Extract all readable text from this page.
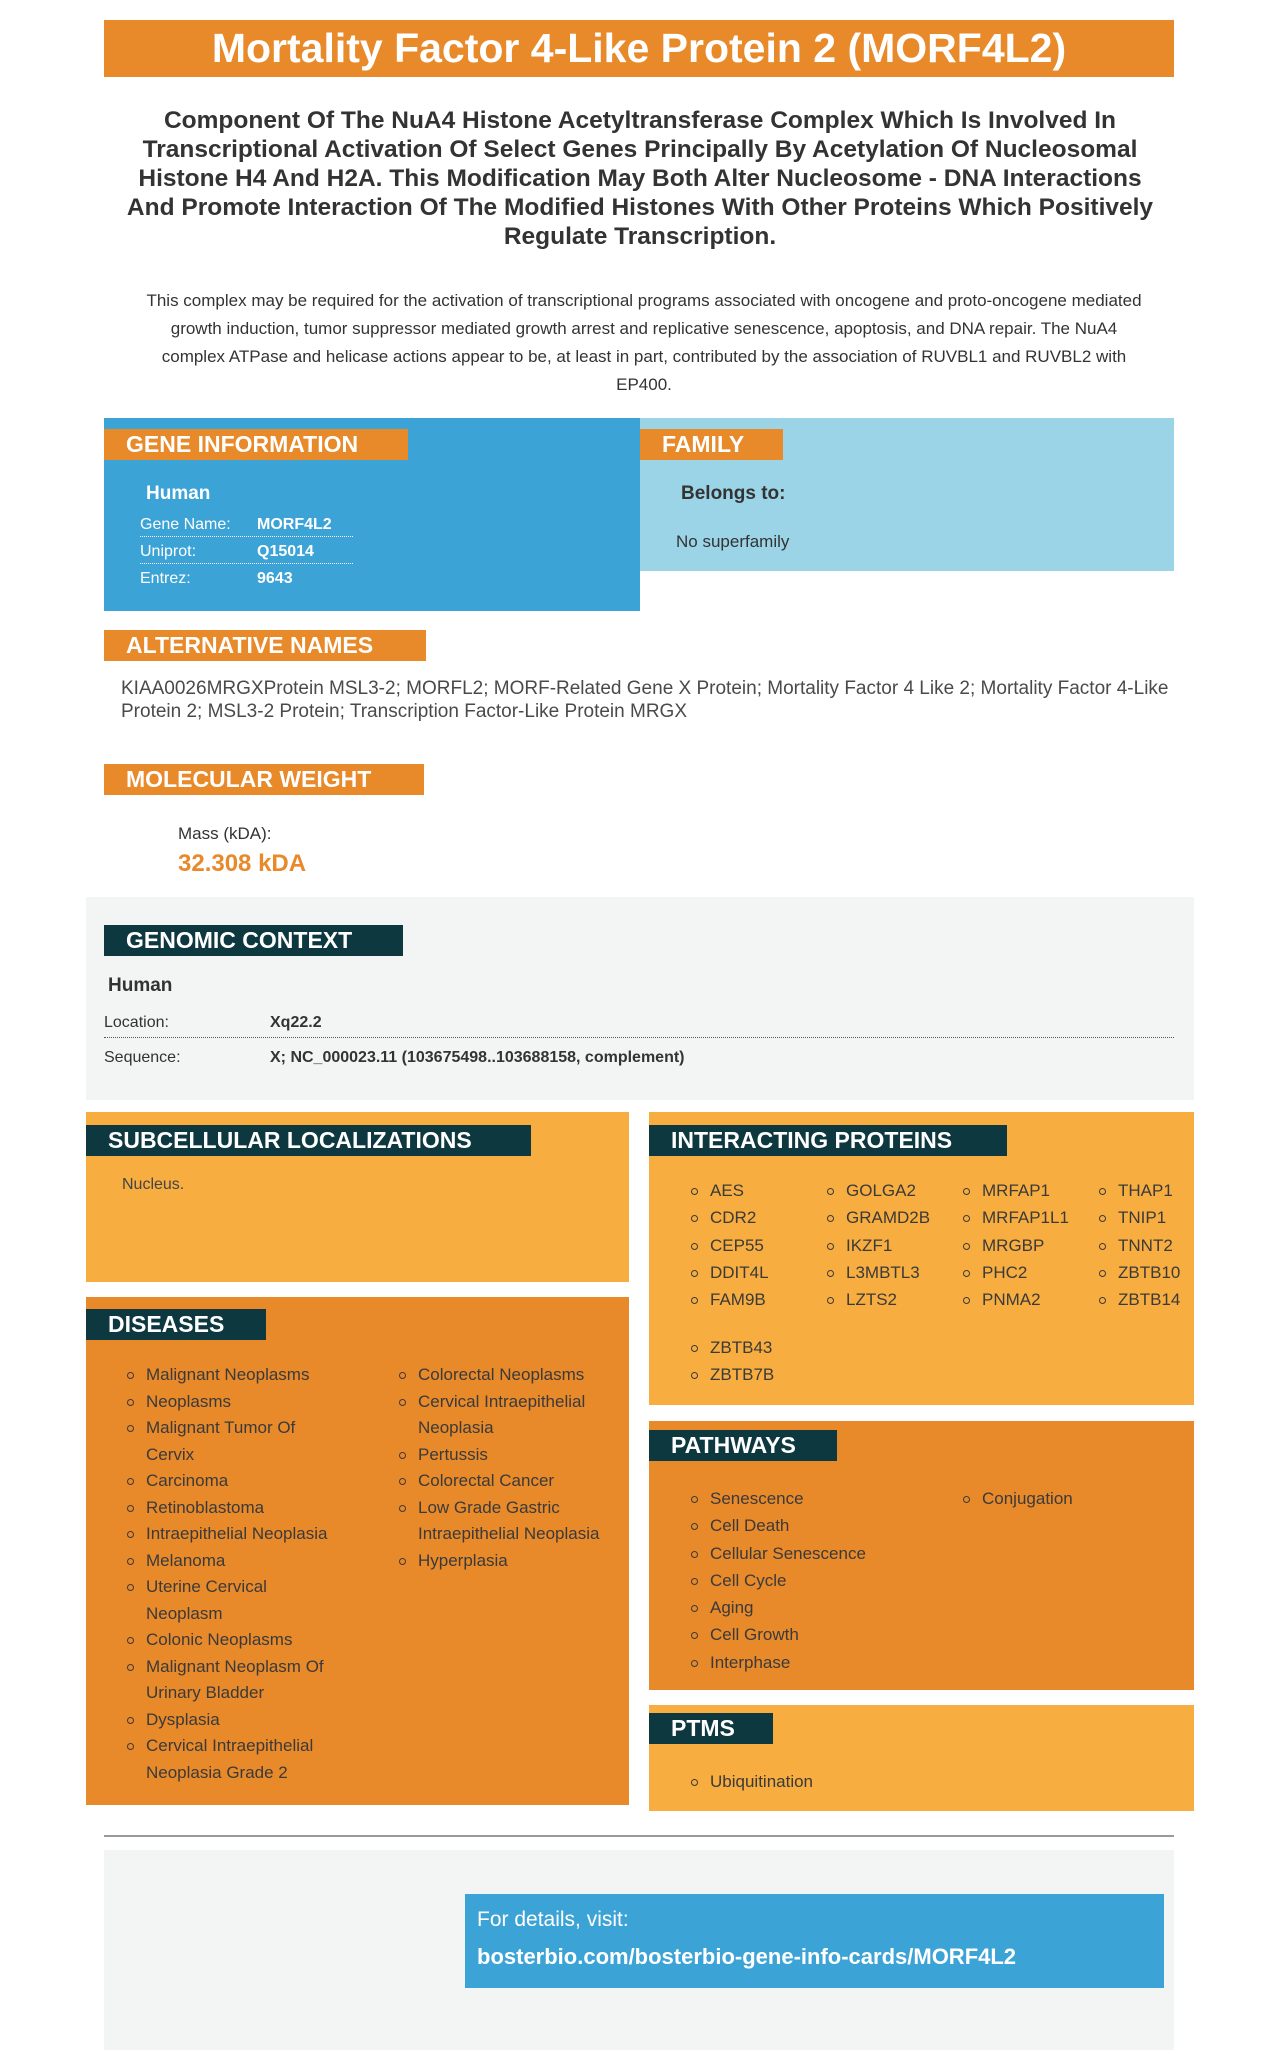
Mortality Factor 4-Like Protein 2 (MORF4L2)
Component Of The NuA4 Histone Acetyltransferase Complex Which Is Involved In Transcriptional Activation Of Select Genes Principally By Acetylation Of Nucleosomal Histone H4 And H2A. This Modification May Both Alter Nucleosome - DNA Interactions And Promote Interaction Of The Modified Histones With Other Proteins Which Positively Regulate Transcription.
This complex may be required for the activation of transcriptional programs associated with oncogene and proto-oncogene mediated growth induction, tumor suppressor mediated growth arrest and replicative senescence, apoptosis, and DNA repair. The NuA4 complex ATPase and helicase actions appear to be, at least in part, contributed by the association of RUVBL1 and RUVBL2 with EP400.
GENE INFORMATION
Human
Gene Name: MORF4L2
Uniprot:	Q15014
Entrez:	9643
FAMILY
Belongs to:
No superfamily
ALTERNATIVE NAMES
KIAA0026MRGXProtein MSL3-2; MORFL2; MORF-Related Gene X Protein; Mortality Factor 4 Like 2; Mortality Factor 4-Like Protein 2; MSL3-2 Protein; Transcription Factor-Like Protein MRGX
MOLECULAR WEIGHT
Mass (kDA):
32.308 kDA
GENOMIC CONTEXT
Human
Location:	Xq22.2
Sequence:	X; NC_000023.11 (103675498..103688158, complement)
SUBCELLULAR LOCALIZATIONS
Nucleus.
DISEASES
Malignant Neoplasms
Neoplasms
Malignant Tumor Of
Cervix
Carcinoma
Retinoblastoma
Intraepithelial Neoplasia
Melanoma
Uterine Cervical
Neoplasm
Colonic Neoplasms
Malignant Neoplasm Of
Urinary Bladder
Dysplasia
Cervical Intraepithelial
Neoplasia Grade 2
Colorectal Neoplasms
Cervical Intraepithelial
Neoplasia
Pertussis
Colorectal Cancer
Low Grade Gastric
Intraepithelial Neoplasia
Hyperplasia
INTERACTING PROTEINS
AES
CDR2
CEP55
DDIT4L
FAM9B
GOLGA2
GRAMD2B
IKZF1
L3MBTL3
LZTS2
MRFAP1
MRFAP1L1
MRGBP
PHC2
PNMA2
THAP1
TNIP1
TNNT2
ZBTB10
ZBTB14
ZBTB43
ZBTB7B
PATHWAYS
Senescence
Cell Death
Cellular Senescence
Cell Cycle
Aging
Cell Growth
Interphase
Conjugation
PTMS
Ubiquitination
For details, visit:
bosterbio.com/bosterbio-gene-info-cards/MORF4L2
